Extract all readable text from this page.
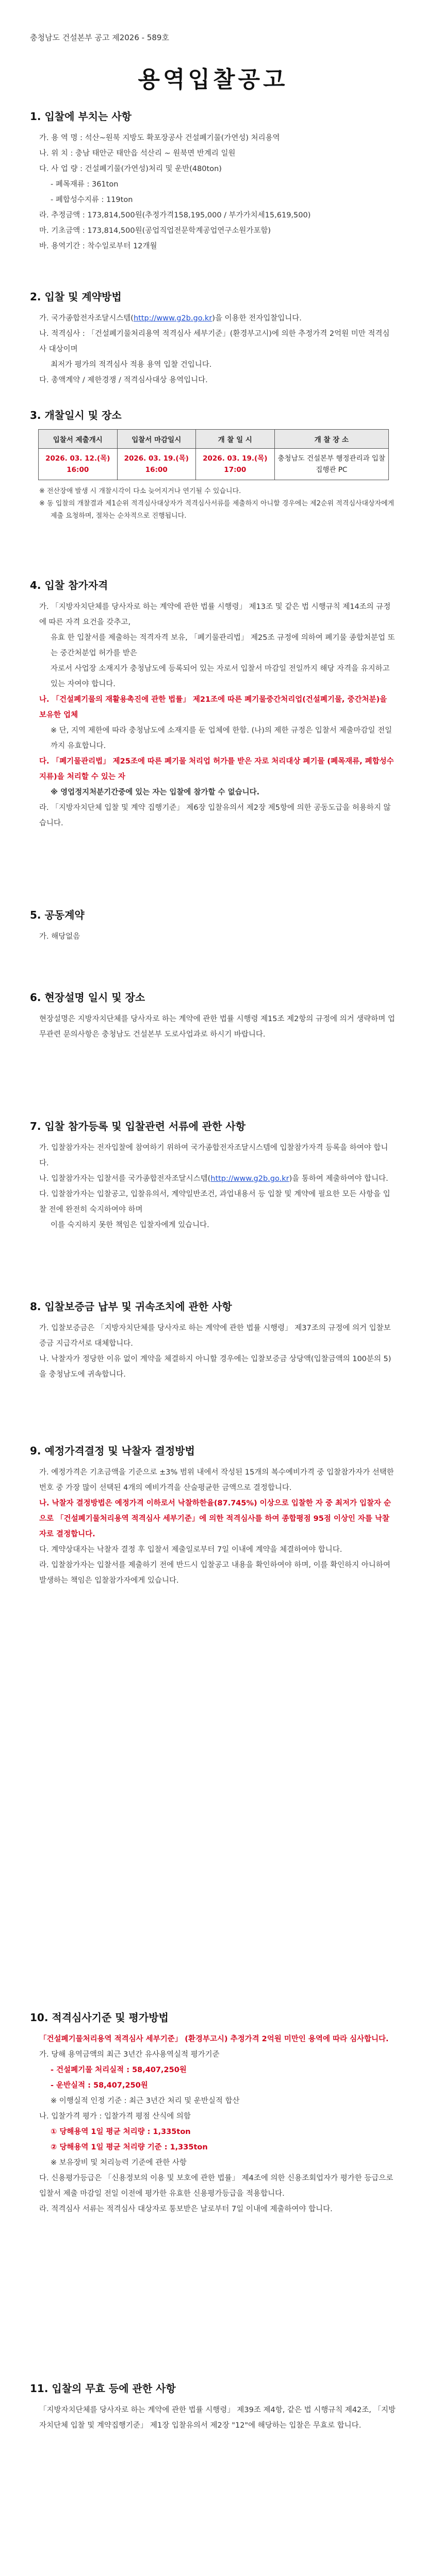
충청남도 건설본부 공고 제2026 - 589호
용역입찰공고
1. 입찰에 부치는 사항

가. 용 역 명 : 석산~원북 지방도 확포장공사 건설폐기물(가연성) 처리용역

나. 위 치 : 충남 태안군 태안읍 석산리 ~ 원북면 반계리 일원

다. 사 업 량 : 건설폐기물(가연성)처리 및 운반(480ton)

- 폐목재류 : 361ton

- 폐합성수지류 : 119ton

라. 추정금액 : 173,814,500원(추정가격158,195,000 / 부가가치세15,619,500)

마. 기초금액 : 173,814,500원(공업직업전문학계공업연구소원가포함)

바. 용역기간 : 착수일로부터 12개월

2. 입찰 및 계약방법

가. 국가종합전자조달시스템(http://www.g2b.go.kr)을 이용한 전자입찰입니다.

나. 적격심사 : 「건설폐기물처리용역 적격심사 세부기준」(환경부고시)에 의한 추정가격 2억원 미만 적격심사 대상이며

최저가 평가의 적격심사 적용 용역 입찰 건입니다.

다. 총액계약 / 제한경쟁 / 적격심사대상 용역입니다.

3. 개찰일시 및 장소
입찰서 제출개시	입찰서 마감일시	개 찰 일 시	개 찰 장 소
2026. 03. 12.(목) 16:00	2026. 03. 19.(목) 16:00	2026. 03. 19.(목) 17:00	충청남도 건설본부 행정관리과 입찰집행관 PC

※ 전산장애 발생 시 개찰시각이 다소 늦어지거나 연기될 수 있습니다.

※ 동 입찰의 개찰결과 제1순위 적격심사대상자가 적격심사서류를 제출하지 아니할 경우에는 제2순위 적격심사대상자에게

제출 요청하며, 절차는 순차적으로 진행됩니다.

4. 입찰 참가자격

가. 「지방자치단체를 당사자로 하는 계약에 관한 법률 시행령」 제13조 및 같은 법 시행규칙 제14조의 규정에 따른 자격 요건을 갖추고,

유효 한 입찰서를 제출하는 적격자격 보유, 「폐기물관리법」 제25조 규정에 의하여 폐기물 종합처분업 또는 중간처분업 허가를 받은

자로서 사업장 소재지가 충청남도에 등록되어 있는 자로서 입찰서 마감일 전일까지 해당 자격을 유지하고 있는 자여야 합니다.

나. 「건설폐기물의 재활용촉진에 관한 법률」 제21조에 따른 폐기물중간처리업(건설폐기물, 중간처분)을 보유한 업체

※ 단, 지역 제한에 따라 충청남도에 소재지를 둔 업체에 한함. (나)의 제한 규정은 입찰서 제출마감일 전일까지 유효합니다.

다. 「폐기물관리법」 제25조에 따른 폐기물 처리업 허가를 받은 자로 처리대상 폐기물 (폐목재류, 폐합성수지류)을 처리할 수 있는 자

※ 영업정지처분기간중에 있는 자는 입찰에 참가할 수 없습니다.

라. 「지방자치단체 입찰 및 계약 집행기준」 제6장 입찰유의서 제2장 제5항에 의한 공동도급을 허용하지 않습니다.

5. 공동계약

가. 해당없음

6. 현장설명 일시 및 장소

현장설명은 지방자치단체를 당사자로 하는 계약에 관한 법률 시행령 제15조 제2항의 규정에 의거 생략하며 업무관련 문의사항은 충청남도 건설본부 도로사업과로 하시기 바랍니다.

7. 입찰 참가등록 및 입찰관련 서류에 관한 사항

가. 입찰참가자는 전자입찰에 참여하기 위하여 국가종합전자조달시스템에 입찰참가자격 등록을 하여야 합니다.

나. 입찰참가자는 입찰서를 국가종합전자조달시스템(http://www.g2b.go.kr)을 통하여 제출하여야 합니다.

다. 입찰참가자는 입찰공고, 입찰유의서, 계약일반조건, 과업내용서 등 입찰 및 계약에 필요한 모든 사항을 입찰 전에 완전히 숙지하여야 하며

이를 숙지하지 못한 책임은 입찰자에게 있습니다.

8. 입찰보증금 납부 및 귀속조치에 관한 사항

가. 입찰보증금은 「지방자치단체를 당사자로 하는 계약에 관한 법률 시행령」 제37조의 규정에 의거 입찰보증금 지급각서로 대체합니다.

나. 낙찰자가 정당한 이유 없이 계약을 체결하지 아니할 경우에는 입찰보증금 상당액(입찰금액의 100분의 5)을 충청남도에 귀속합니다.

9. 예정가격결정 및 낙찰자 결정방법

가. 예정가격은 기초금액을 기준으로 ±3% 범위 내에서 작성된 15개의 복수예비가격 중 입찰참가자가 선택한 번호 중 가장 많이 선택된 4개의 예비가격을 산술평균한 금액으로 결정합니다.

나. 낙찰자 결정방법은 예정가격 이하로서 낙찰하한율(87.745%) 이상으로 입찰한 자 중 최저가 입찰자 순으로 「건설폐기물처리용역 적격심사 세부기준」에 의한 적격심사를 하여 종합평점 95점 이상인 자를 낙찰자로 결정합니다.

다. 계약상대자는 낙찰자 결정 후 입찰서 제출일로부터 7일 이내에 계약을 체결하여야 합니다.

라. 입찰참가자는 입찰서를 제출하기 전에 반드시 입찰공고 내용을 확인하여야 하며, 이를 확인하지 아니하여 발생하는 책임은 입찰참가자에게 있습니다.

10. 적격심사기준 및 평가방법

「건설폐기물처리용역 적격심사 세부기준」 (환경부고시) 추정가격 2억원 미만인 용역에 따라 심사합니다.

가. 당해 용역금액의 최근 3년간 유사용역실적 평가기준

- 건설폐기물 처리실적 : 58,407,250원

- 운반실적 : 58,407,250원

※ 이행실적 인정 기준 : 최근 3년간 처리 및 운반실적 합산

나. 입찰가격 평가 : 입찰가격 평점 산식에 의함

① 당해용역 1일 평균 처리량 : 1,335ton

② 당해용역 1일 평균 처리량 기준 : 1,335ton

※ 보유장비 및 처리능력 기준에 관한 사항

다. 신용평가등급은 「신용정보의 이용 및 보호에 관한 법률」 제4조에 의한 신용조회업자가 평가한 등급으로 입찰서 제출 마감일 전일 이전에 평가한 유효한 신용평가등급을 적용합니다.

라. 적격심사 서류는 적격심사 대상자로 통보받은 날로부터 7일 이내에 제출하여야 합니다.

11. 입찰의 무효 등에 관한 사항

「지방자치단체를 당사자로 하는 계약에 관한 법률 시행령」 제39조 제4항, 같은 법 시행규칙 제42조, 「지방자치단체 입찰 및 계약집행기준」 제1장 입찰유의서 제2장 "12"에 해당하는 입찰은 무효로 합니다.
